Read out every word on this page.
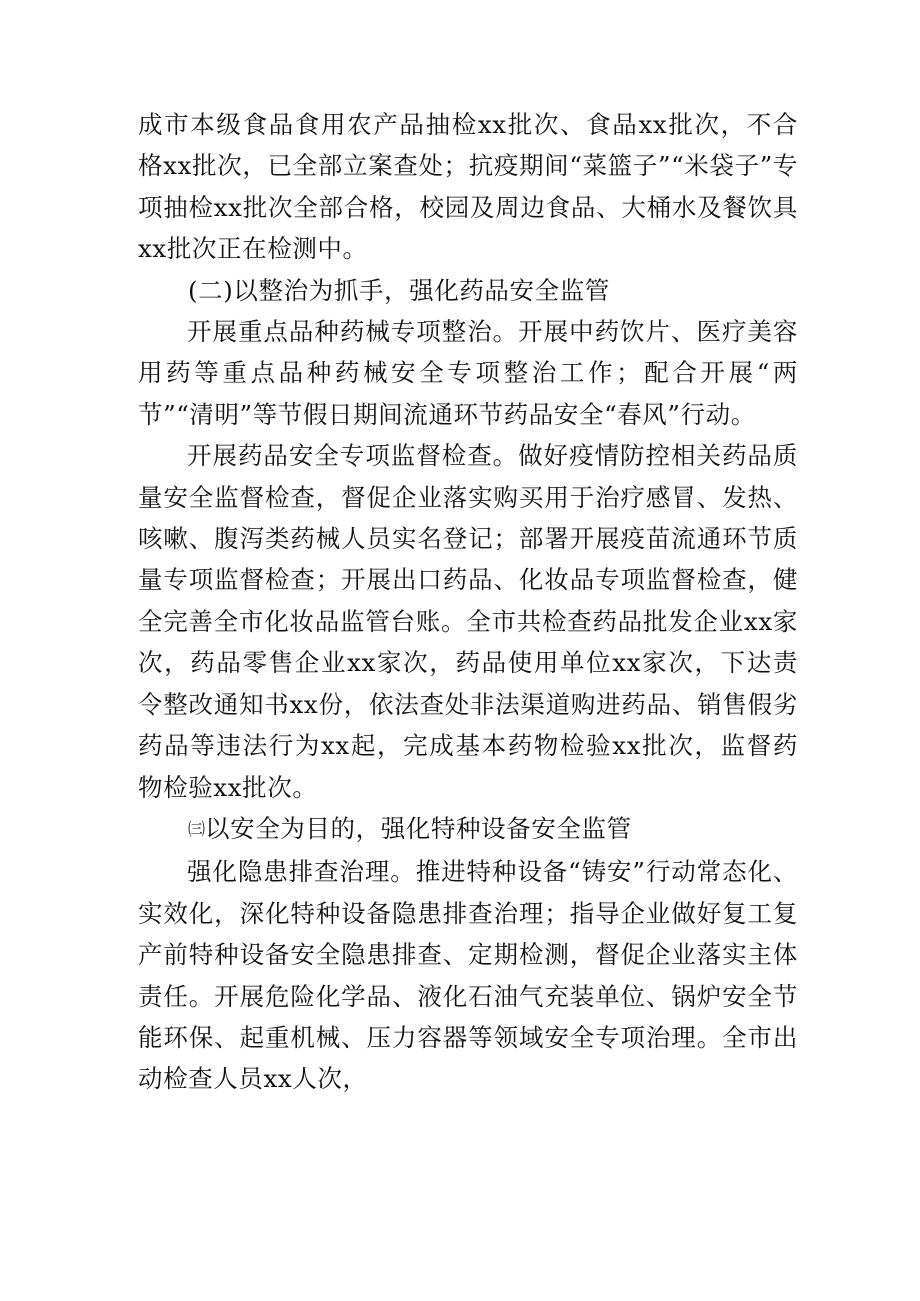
成市本级食品食用农产品抽检xx批次、食品xx批次，不合格xx批次，已全部立案查处；抗疫期间“菜篮子”“米袋子”专项抽检xx批次全部合格，校园及周边食品、大桶水及餐饮具xx批次正在检测中。

(二)以整治为抓手，强化药品安全监管

开展重点品种药械专项整治。开展中药饮片、医疗美容用药等重点品种药械安全专项整治工作；配合开展“两节”“清明”等节假日期间流通环节药品安全“春风”行动。

开展药品安全专项监督检查。做好疫情防控相关药品质量安全监督检查，督促企业落实购买用于治疗感冒、发热、咳嗽、腹泻类药械人员实名登记；部署开展疫苗流通环节质量专项监督检查；开展出口药品、化妆品专项监督检查，健全完善全市化妆品监管台账。全市共检查药品批发企业xx家次，药品零售企业xx家次，药品使用单位xx家次，下达责令整改通知书xx份，依法查处非法渠道购进药品、销售假劣药品等违法行为xx起，完成基本药物检验xx批次，监督药物检验xx批次。

㈢以安全为目的，强化特种设备安全监管

强化隐患排查治理。推进特种设备“铸安”行动常态化、实效化，深化特种设备隐患排查治理；指导企业做好复工复产前特种设备安全隐患排查、定期检测，督促企业落实主体责任。开展危险化学品、液化石油气充装单位、锅炉安全节能环保、起重机械、压力容器等领域安全专项治理。全市出动检查人员xx人次，
